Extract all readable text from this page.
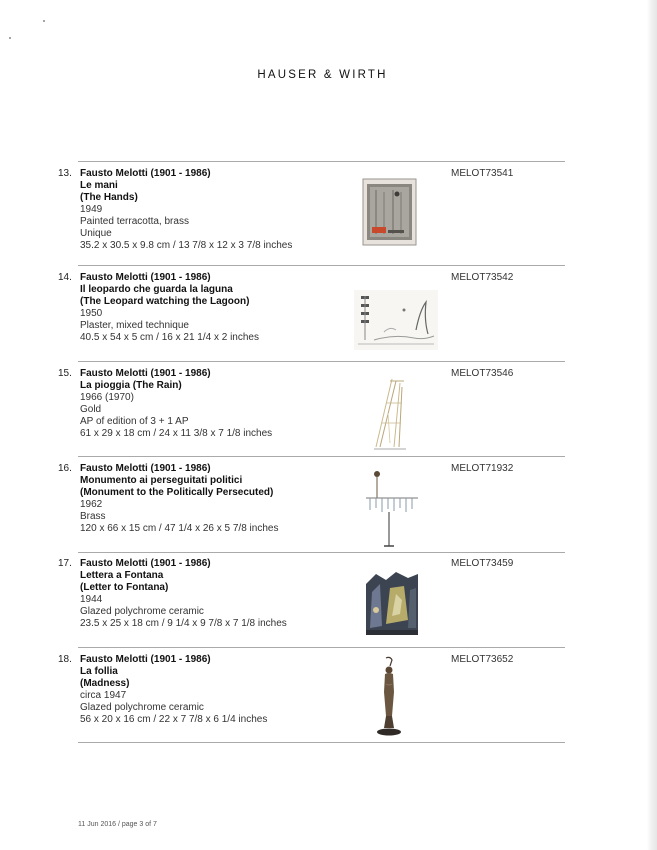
HAUSER & WIRTH
13. Fausto Melotti (1901 - 1986)
Le mani
(The Hands)
1949
Painted terracotta, brass
Unique
35.2 x 30.5 x 9.8 cm / 13 7/8 x 12 x 3 7/8 inches
MELOT73541
14. Fausto Melotti (1901 - 1986)
Il leopardo che guarda la laguna
(The Leopard watching the Lagoon)
1950
Plaster, mixed technique
40.5 x 54 x 5 cm / 16 x 21 1/4 x 2 inches
MELOT73542
15. Fausto Melotti (1901 - 1986)
La pioggia (The Rain)
1966 (1970)
Gold
AP of edition of 3 + 1 AP
61 x 29 x 18 cm / 24 x 11 3/8 x 7 1/8 inches
MELOT73546
16. Fausto Melotti (1901 - 1986)
Monumento ai perseguitati politici
(Monument to the Politically Persecuted)
1962
Brass
120 x 66 x 15 cm / 47 1/4 x 26 x 5 7/8 inches
MELOT71932
17. Fausto Melotti (1901 - 1986)
Lettera a Fontana
(Letter to Fontana)
1944
Glazed polychrome ceramic
23.5 x 25 x 18 cm / 9 1/4 x 9 7/8 x 7 1/8 inches
MELOT73459
18. Fausto Melotti (1901 - 1986)
La follia
(Madness)
circa 1947
Glazed polychrome ceramic
56 x 20 x 16 cm / 22 x 7 7/8 x 6 1/4 inches
MELOT73652
11 Jun 2016 / page 3 of 7
